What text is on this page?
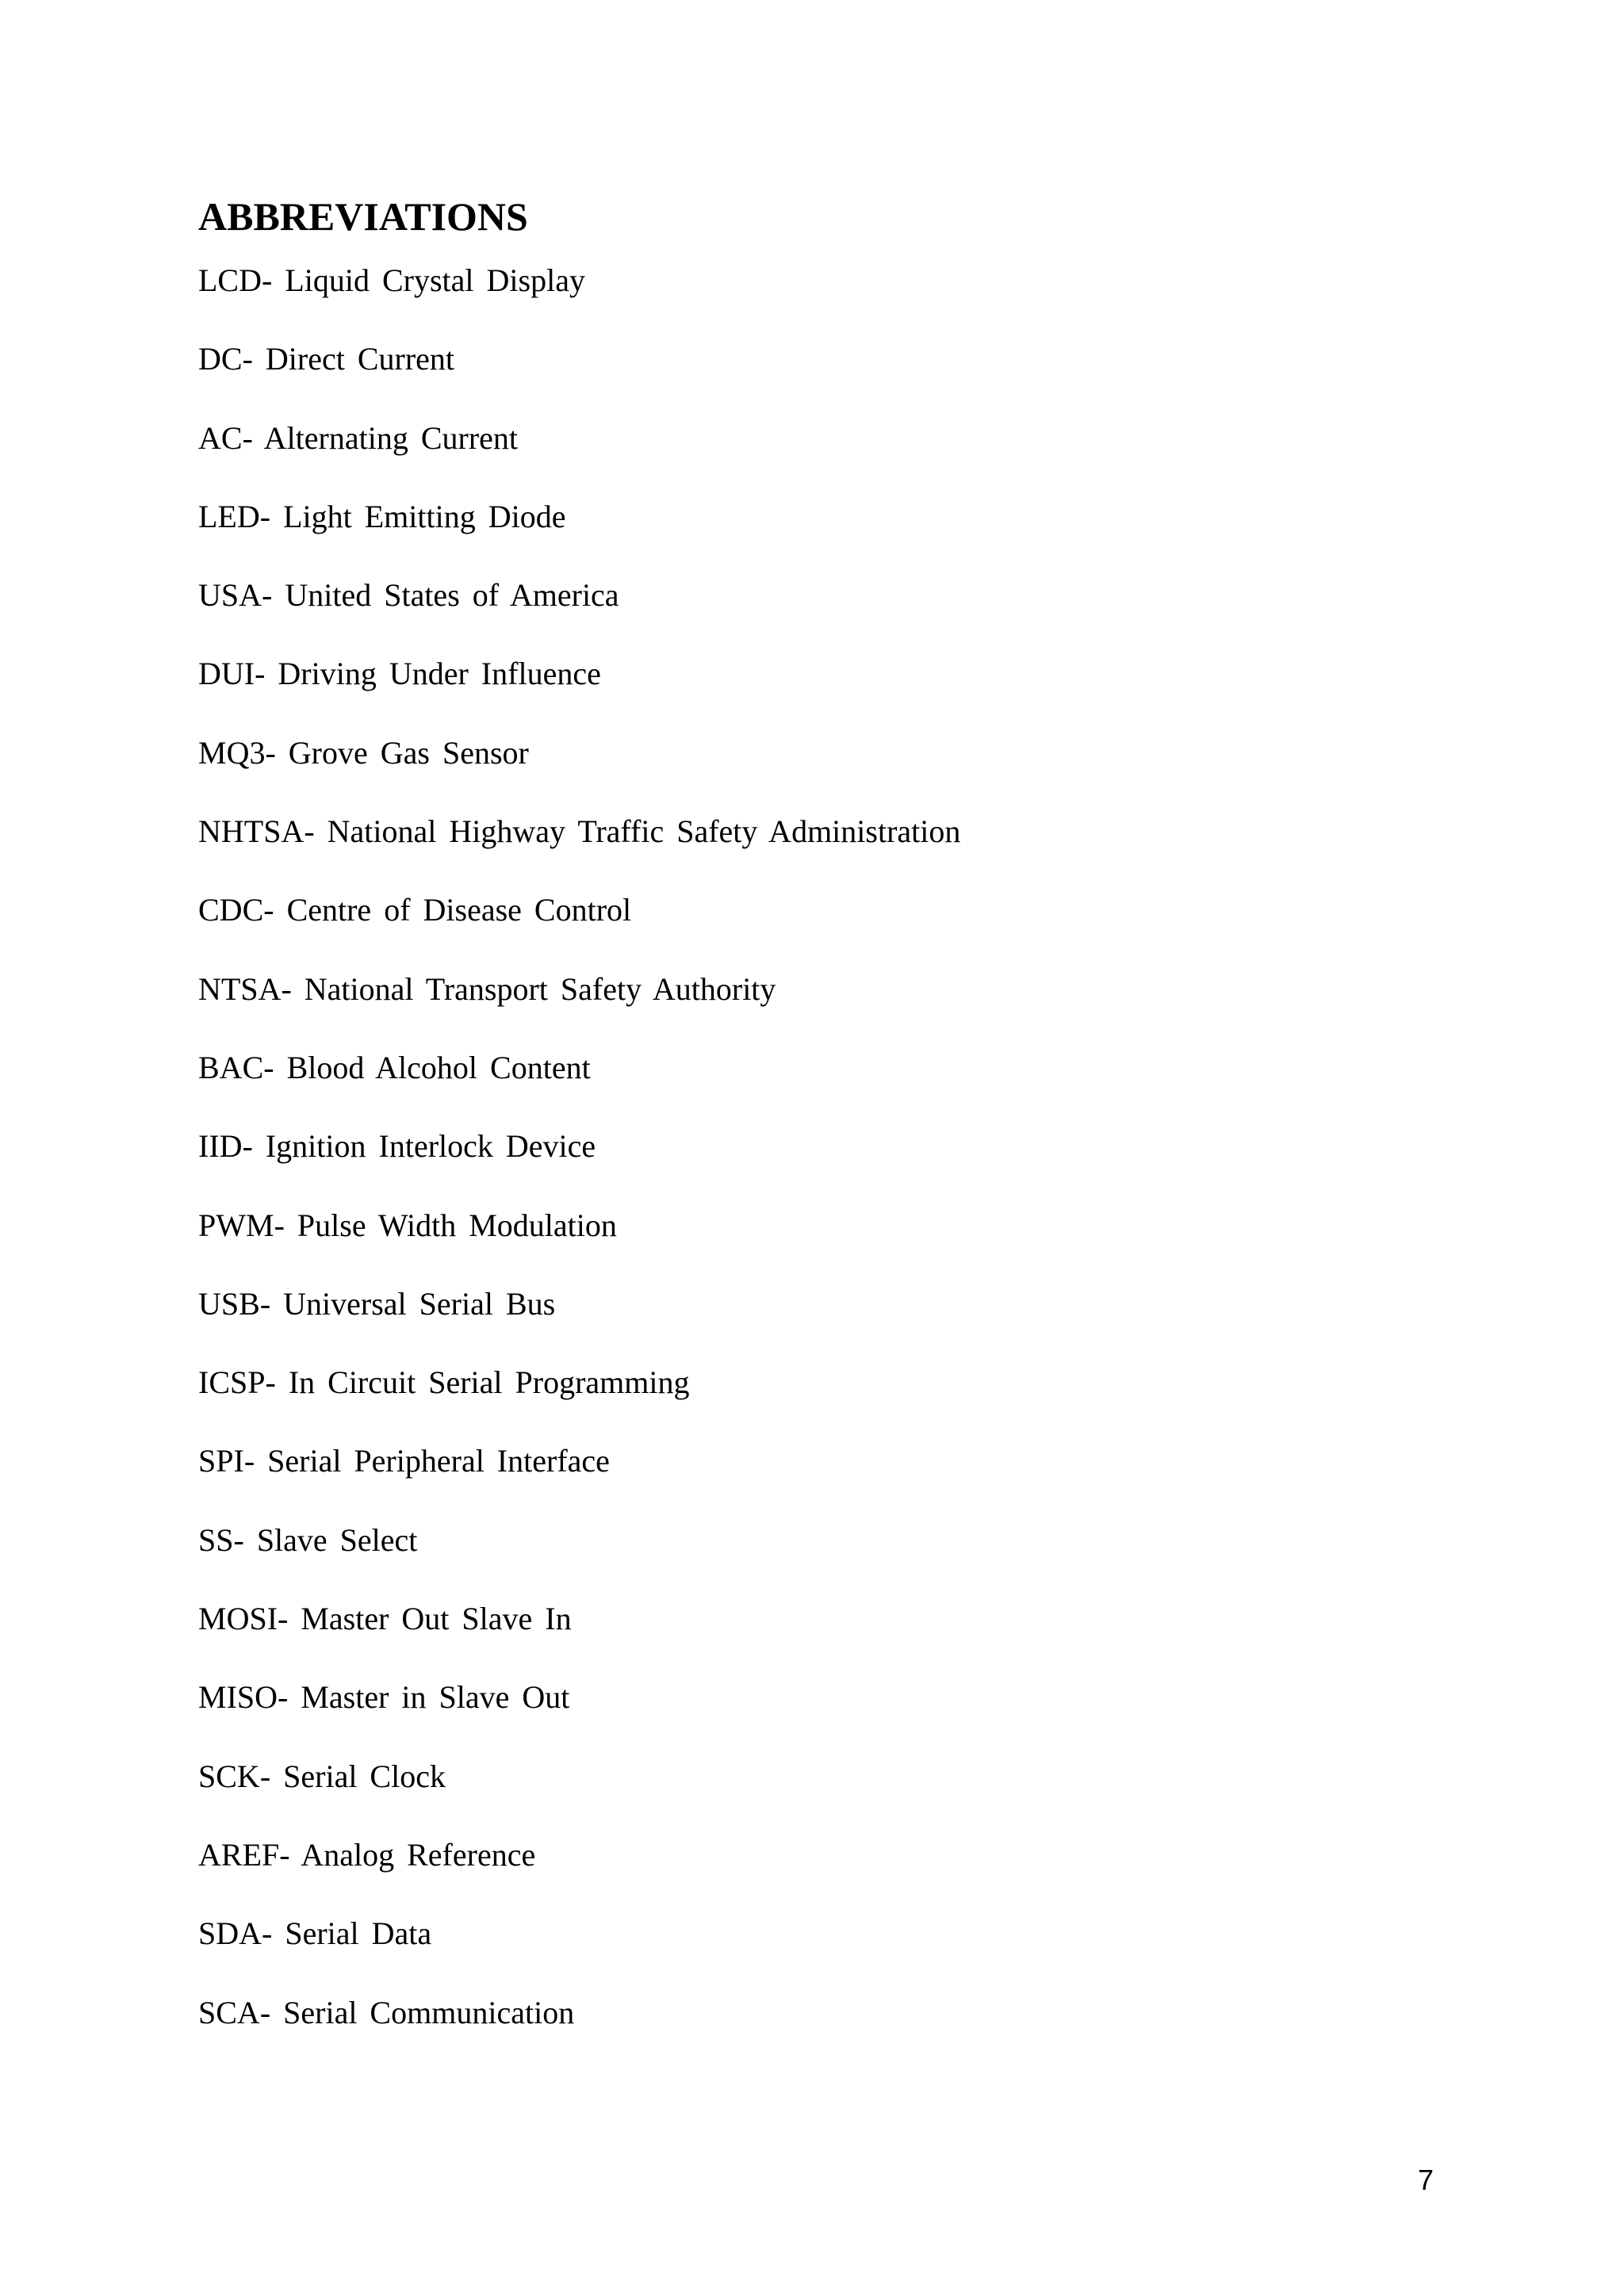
ABBREVIATIONS
LCD- Liquid Crystal Display
DC- Direct Current
AC- Alternating Current
LED- Light Emitting Diode
USA- United States of America
DUI- Driving Under Influence
MQ3- Grove Gas Sensor
NHTSA- National Highway Traffic Safety Administration
CDC- Centre of Disease Control
NTSA- National Transport Safety Authority
BAC- Blood Alcohol Content
IID- Ignition Interlock Device
PWM- Pulse Width Modulation
USB- Universal Serial Bus
ICSP- In Circuit Serial Programming
SPI- Serial Peripheral Interface
SS- Slave Select
MOSI- Master Out Slave In
MISO- Master in Slave Out
SCK- Serial Clock
AREF- Analog Reference
SDA- Serial Data
SCA- Serial Communication
7
